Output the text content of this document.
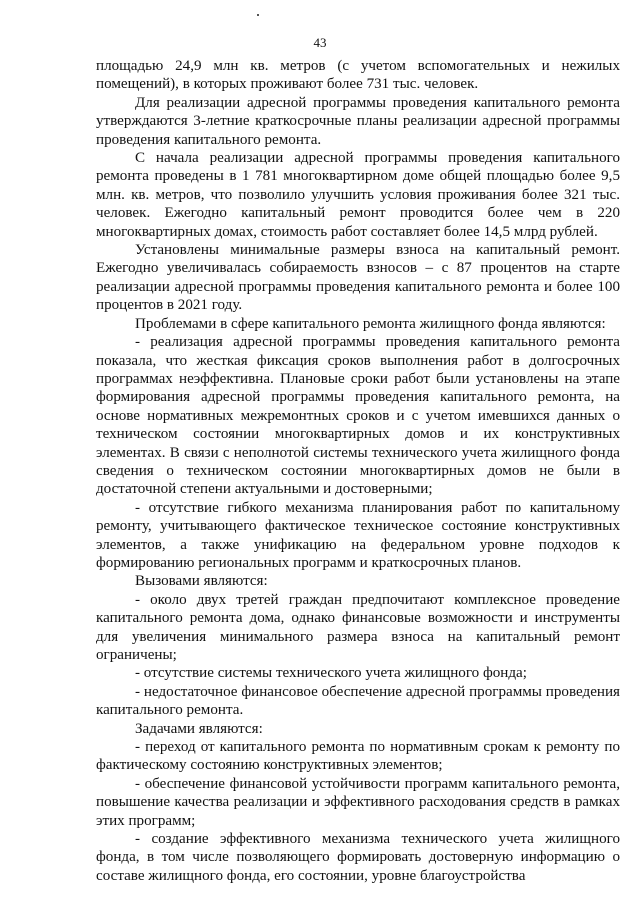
43

площадью 24,9 млн кв. метров (с учетом вспомогательных и нежилых помещений), в которых проживают более 731 тыс. человек.

Для реализации адресной программы проведения капитального ремонта утверждаются 3-летние краткосрочные планы реализации адресной программы проведения капитального ремонта.

С начала реализации адресной программы проведения капитального ремонта проведены в 1 781 многоквартирном доме общей площадью более 9,5 млн. кв. метров, что позволило улучшить условия проживания более 321 тыс. человек. Ежегодно капитальный ремонт проводится более чем в 220 многоквартирных домах, стоимость работ составляет более 14,5 млрд рублей.

Установлены минимальные размеры взноса на капитальный ремонт. Ежегодно увеличивалась собираемость взносов – с 87 процентов на старте реализации адресной программы проведения капитального ремонта и более 100 процентов в 2021 году.

Проблемами в сфере капитального ремонта жилищного фонда являются:

- реализация адресной программы проведения капитального ремонта показала, что жесткая фиксация сроков выполнения работ в долгосрочных программах неэффективна. Плановые сроки работ были установлены на этапе формирования адресной программы проведения капитального ремонта, на основе нормативных межремонтных сроков и с учетом имевшихся данных о техническом состоянии многоквартирных домов и их конструктивных элементах. В связи с неполнотой системы технического учета жилищного фонда сведения о техническом состоянии многоквартирных домов не были в достаточной степени актуальными и достоверными;

- отсутствие гибкого механизма планирования работ по капитальному ремонту, учитывающего фактическое техническое состояние конструктивных элементов, а также унификацию на федеральном уровне подходов к формированию региональных программ и краткосрочных планов.

Вызовами являются:

- около двух третей граждан предпочитают комплексное проведение капитального ремонта дома, однако финансовые возможности и инструменты для увеличения минимального размера взноса на капитальный ремонт ограничены;

- отсутствие системы технического учета жилищного фонда;

- недостаточное финансовое обеспечение адресной программы проведения капитального ремонта.

Задачами являются:

- переход от капитального ремонта по нормативным срокам к ремонту по фактическому состоянию конструктивных элементов;

- обеспечение финансовой устойчивости программ капитального ремонта, повышение качества реализации и эффективного расходования средств в рамках этих программ;

- создание эффективного механизма технического учета жилищного фонда, в том числе позволяющего формировать достоверную информацию о составе жилищного фонда, его состоянии, уровне благоустройства
